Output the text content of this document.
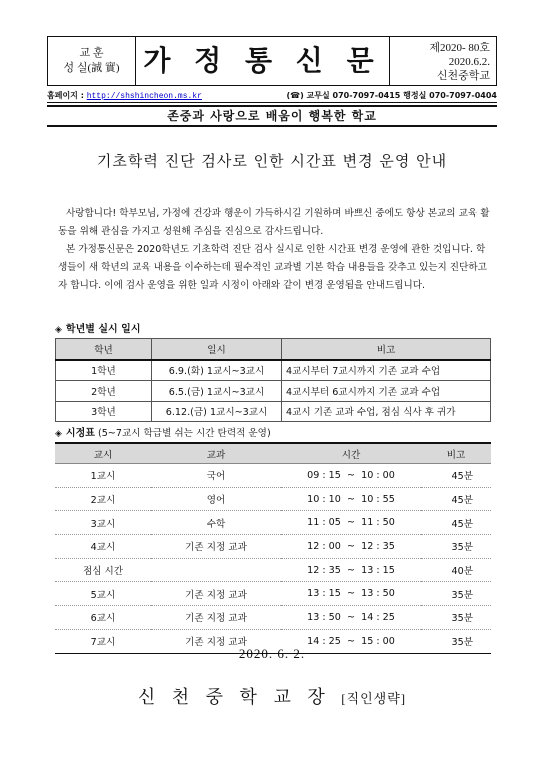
교 훈
성 실(誠 實) 가 정 통 신 문	제2020- 80호
2020.6.2.
신천중학교
홈페이지 : http://shshincheon.ms.kr	(☎) 교무실 070-7097-0415 행정실 070-7097-0404
존중과 사랑으로 배움이 행복한 학교
기초학력 진단 검사로 인한 시간표 변경 운영 안내
사랑합니다! 학부모님, 가정에 건강과 행운이 가득하시길 기원하며 바쁘신 중에도 항상 본교의 교육 활동을 위해 관심을 가지고 성원해 주심을 진심으로 감사드립니다.
본 가정통신문은 2020학년도 기초학력 진단 검사 실시로 인한 시간표 변경 운영에 관한 것입니다. 학생들이 새 학년의 교육 내용을 이수하는데 필수적인 교과별 기본 학습 내용들을 갖추고 있는지 진단하고자 합니다. 이에 검사 운영을 위한 일과 시정이 아래와 같이 변경 운영됨을 안내드립니다.
◈ 학년별 실시 일시
학년	일시	비고
1학년	6.9.(화) 1교시~3교시	4교시부터 7교시까지 기존 교과 수업
2학년	6.5.(금) 1교시~3교시	4교시부터 6교시까지 기존 교과 수업
3학년	6.12.(금) 1교시~3교시	4교시 기존 교과 수업, 점심 식사 후 귀가
◈ 시정표 (5~7교시 학급별 쉬는 시간 탄력적 운영)
교시	교과	시간	비고
1교시	국어	09 : 15  ~  10 : 00	45분
2교시	영어	10 : 10  ~  10 : 55	45분
3교시	수학	11 : 05  ~  11 : 50	45분
4교시	기존 지정 교과	12 : 00  ~  12 : 35	35분
점심 시간		12 : 35  ~  13 : 15	40분
5교시	기존 지정 교과	13 : 15  ~  13 : 50	35분
6교시	기존 지정 교과	13 : 50  ~  14 : 25	35분
7교시	기존 지정 교과	14 : 25  ~  15 : 00	35분
2020. 6. 2.
신 천 중 학 교 장 [직인생략]
